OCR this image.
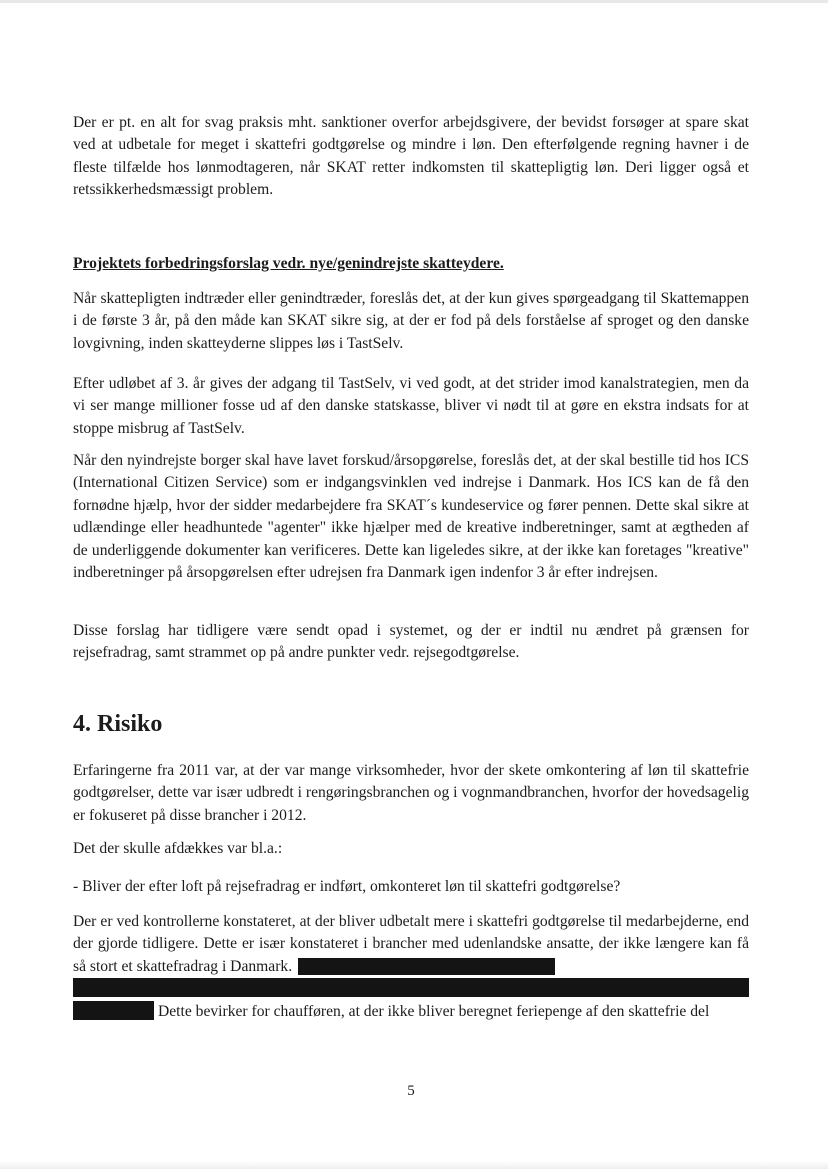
Der er pt. en alt for svag praksis mht. sanktioner overfor arbejdsgivere, der bevidst forsøger at spare skat ved at udbetale for meget i skattefri godtgørelse og mindre i løn. Den efterfølgende regning havner i de fleste tilfælde hos lønmodtageren, når SKAT retter indkomsten til skattepligtig løn. Deri ligger også et retssikkerhedsmæssigt problem.

Projektets forbedringsforslag vedr. nye/genindrejste skatteydere.

Når skattepligten indtræder eller genindtræder, foreslås det, at der kun gives spørgeadgang til Skattemappen i de første 3 år, på den måde kan SKAT sikre sig, at der er fod på dels forståelse af sproget og den danske lovgivning, inden skatteyderne slippes løs i TastSelv.

Efter udløbet af 3. år gives der adgang til TastSelv, vi ved godt, at det strider imod kanalstrategien, men da vi ser mange millioner fosse ud af den danske statskasse, bliver vi nødt til at gøre en ekstra indsats for at stoppe misbrug af TastSelv.

Når den nyindrejste borger skal have lavet forskud/årsopgørelse, foreslås det, at der skal bestille tid hos ICS (International Citizen Service) som er indgangsvinklen ved indrejse i Danmark. Hos ICS kan de få den fornødne hjælp, hvor der sidder medarbejdere fra SKAT´s kundeservice og fører pennen. Dette skal sikre at udlændinge eller headhuntede "agenter" ikke hjælper med de kreative indberetninger, samt at ægtheden af de underliggende dokumenter kan verificeres. Dette kan ligeledes sikre, at der ikke kan foretages "kreative" indberetninger på årsopgørelsen efter udrejsen fra Danmark igen indenfor 3 år efter indrejsen.

Disse forslag har tidligere være sendt opad i systemet, og der er indtil nu ændret på grænsen for rejsefradrag, samt strammet op på andre punkter vedr. rejsegodtgørelse.

4. Risiko

Erfaringerne fra 2011 var, at der var mange virksomheder, hvor der skete omkontering af løn til skattefrie godtgørelser, dette var især udbredt i rengøringsbranchen og i vognmandbranchen, hvorfor der hovedsagelig er fokuseret på disse brancher i 2012.

Det der skulle afdækkes var bl.a.:

- Bliver der efter loft på rejsefradrag er indført, omkonteret løn til skattefri godtgørelse?

Der er ved kontrollerne konstateret, at der bliver udbetalt mere i skattefri godtgørelse til medarbejderne, end der gjorde tidligere. Dette er især konstateret i brancher med udenlandske ansatte, der ikke længere kan få så stort et skattefradrag i Danmark.

Dette bevirker for chaufføren, at der ikke bliver beregnet feriepenge af den skattefrie del

5
